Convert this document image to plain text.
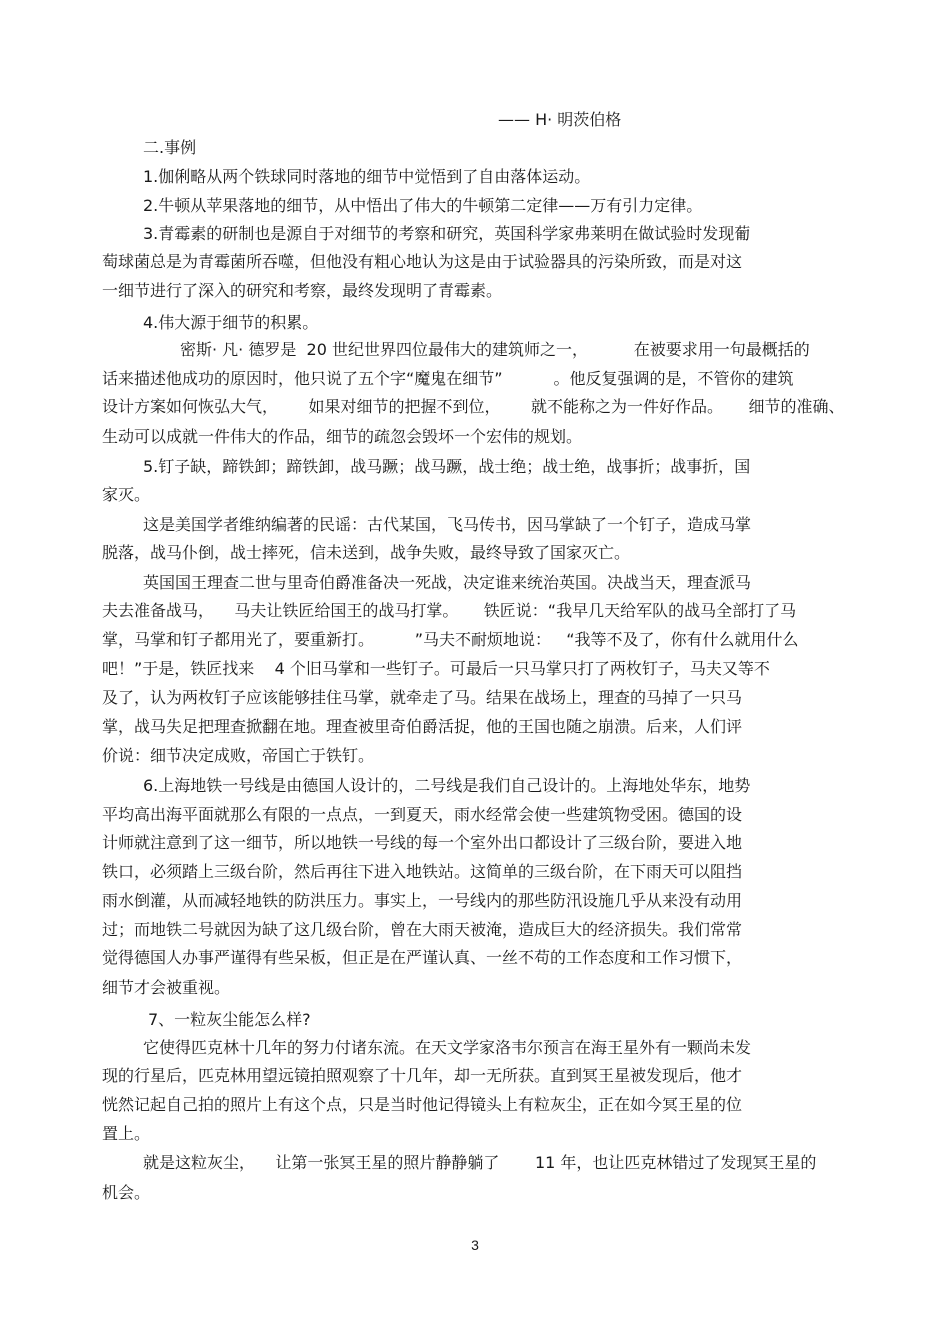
—— H· 明茨伯格
二.事例
1.伽俐略从两个铁球同时落地的细节中觉悟到了自由落体运动。
2.牛顿从苹果落地的细节，从中悟出了伟大的牛顿第二定律——万有引力定律。
3.青霉素的研制也是源自于对细节的考察和研究，英国科学家弗莱明在做试验时发现葡
萄球菌总是为青霉菌所吞噬，但他没有粗心地认为这是由于试验器具的污染所致，而是对这
一细节进行了深入的研究和考察，最终发现明了青霉素。
4.伟大源于细节的积累。
密斯· 凡· 德罗是  20 世纪世界四位最伟大的建筑师之一，         在被要求用一句最概括的
话来描述他成功的原因时，他只说了五个字“魔鬼在细节”          。他反复强调的是，不管你的建筑
设计方案如何恢弘大气，      如果对细节的把握不到位，      就不能称之为一件好作品。     细节的准确、
生动可以成就一件伟大的作品，细节的疏忽会毁坏一个宏伟的规划。
5.钉子缺，蹄铁卸；蹄铁卸，战马蹶；战马蹶，战士绝；战士绝，战事折；战事折，国
家灭。
这是美国学者维纳编著的民谣：古代某国，飞马传书，因马掌缺了一个钉子，造成马掌
脱落，战马仆倒，战士摔死，信未送到，战争失败，最终导致了国家灭亡。
英国国王理查二世与里奇伯爵准备决一死战，决定谁来统治英国。决战当天，理查派马
夫去准备战马，    马夫让铁匠给国王的战马打掌。     铁匠说：“我早几天给军队的战马全部打了马
掌，马掌和钉子都用光了，要重新打。        ”马夫不耐烦地说：   “我等不及了，你有什么就用什么
吧！”于是，铁匠找来    4 个旧马掌和一些钉子。可最后一只马掌只打了两枚钉子，马夫又等不
及了，认为两枚钉子应该能够挂住马掌，就牵走了马。结果在战场上，理查的马掉了一只马
掌，战马失足把理查掀翻在地。理查被里奇伯爵活捉，他的王国也随之崩溃。后来，人们评
价说：细节决定成败，帝国亡于铁钉。
6.上海地铁一号线是由德国人设计的，二号线是我们自己设计的。上海地处华东，地势
平均高出海平面就那么有限的一点点，一到夏天，雨水经常会使一些建筑物受困。德国的设
计师就注意到了这一细节，所以地铁一号线的每一个室外出口都设计了三级台阶，要进入地
铁口，必须踏上三级台阶，然后再往下进入地铁站。这简单的三级台阶，在下雨天可以阻挡
雨水倒灌，从而减轻地铁的防洪压力。事实上，一号线内的那些防汛设施几乎从来没有动用
过；而地铁二号就因为缺了这几级台阶，曾在大雨天被淹，造成巨大的经济损失。我们常常
觉得德国人办事严谨得有些呆板，但正是在严谨认真、一丝不苟的工作态度和工作习惯下，
细节才会被重视。
7、一粒灰尘能怎么样?
它使得匹克林十几年的努力付诸东流。在天文学家洛韦尔预言在海王星外有一颗尚未发
现的行星后，匹克林用望远镜拍照观察了十几年，却一无所获。直到冥王星被发现后，他才
恍然记起自己拍的照片上有这个点，只是当时他记得镜头上有粒灰尘，正在如今冥王星的位
置上。
就是这粒灰尘，    让第一张冥王星的照片静静躺了       11 年，也让匹克林错过了发现冥王星的
机会。
3
